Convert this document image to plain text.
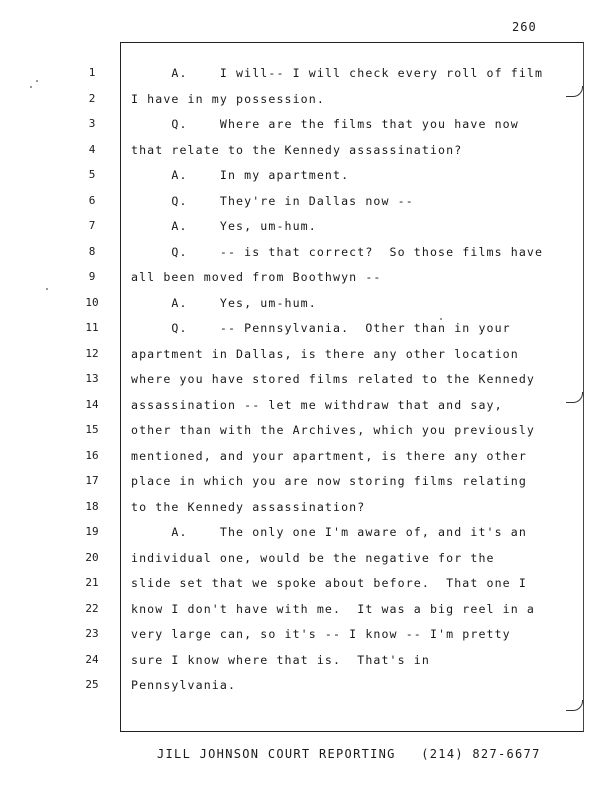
260
1	A.    I will-- I will check every roll of film
2	I have in my possession.
3	Q.    Where are the films that you have now
4	that relate to the Kennedy assassination?
5	A.    In my apartment.
6	Q.    They're in Dallas now --
7	A.    Yes, um-hum.
8	Q.    -- is that correct?  So those films have
9	all been moved from Boothwyn --
10	A.    Yes, um-hum.
11	Q.    -- Pennsylvania.  Other than in your
12	apartment in Dallas, is there any other location
13	where you have stored films related to the Kennedy
14	assassination -- let me withdraw that and say,
15	other than with the Archives, which you previously
16	mentioned, and your apartment, is there any other
17	place in which you are now storing films relating
18	to the Kennedy assassination?
19	A.    The only one I'm aware of, and it's an
20	individual one, would be the negative for the
21	slide set that we spoke about before.  That one I
22	know I don't have with me.  It was a big reel in a
23	very large can, so it's -- I know -- I'm pretty
24	sure I know where that is.  That's in
25	Pennsylvania.
JILL JOHNSON COURT REPORTING   (214) 827-6677
